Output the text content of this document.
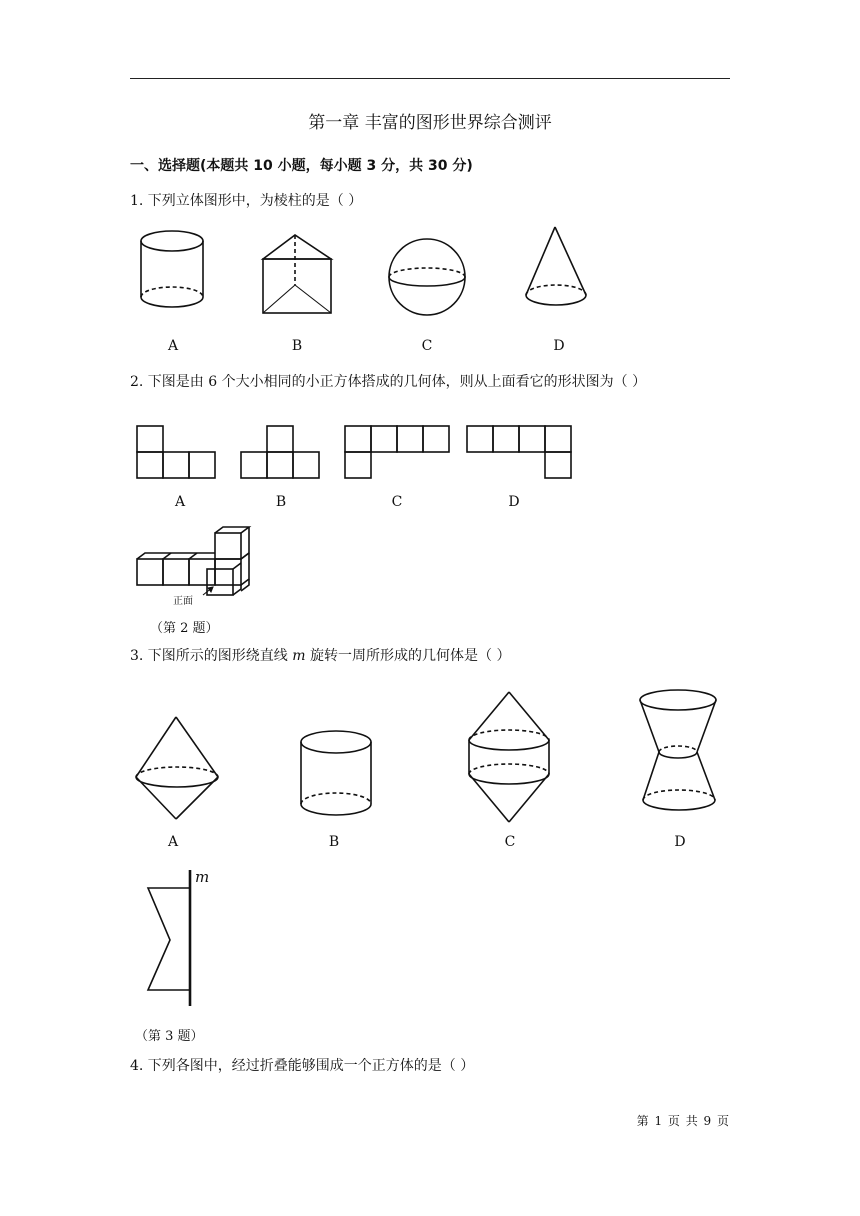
第一章 丰富的图形世界综合测评
一、选择题(本题共 10 小题，每小题 3 分，共 30 分)
1. 下列立体图形中，为棱柱的是（ ）
A	B	C	D
2. 下图是由 6 个大小相同的小正方体搭成的几何体，则从上面看它的形状图为（ ）
A	B	C	D
正面
（第 2 题）
3. 下图所示的图形绕直线 m 旋转一周所形成的几何体是（ ）
A	B	C	D
m
（第 3 题）
4. 下列各图中，经过折叠能够围成一个正方体的是（ ）
第 1 页 共 9 页
